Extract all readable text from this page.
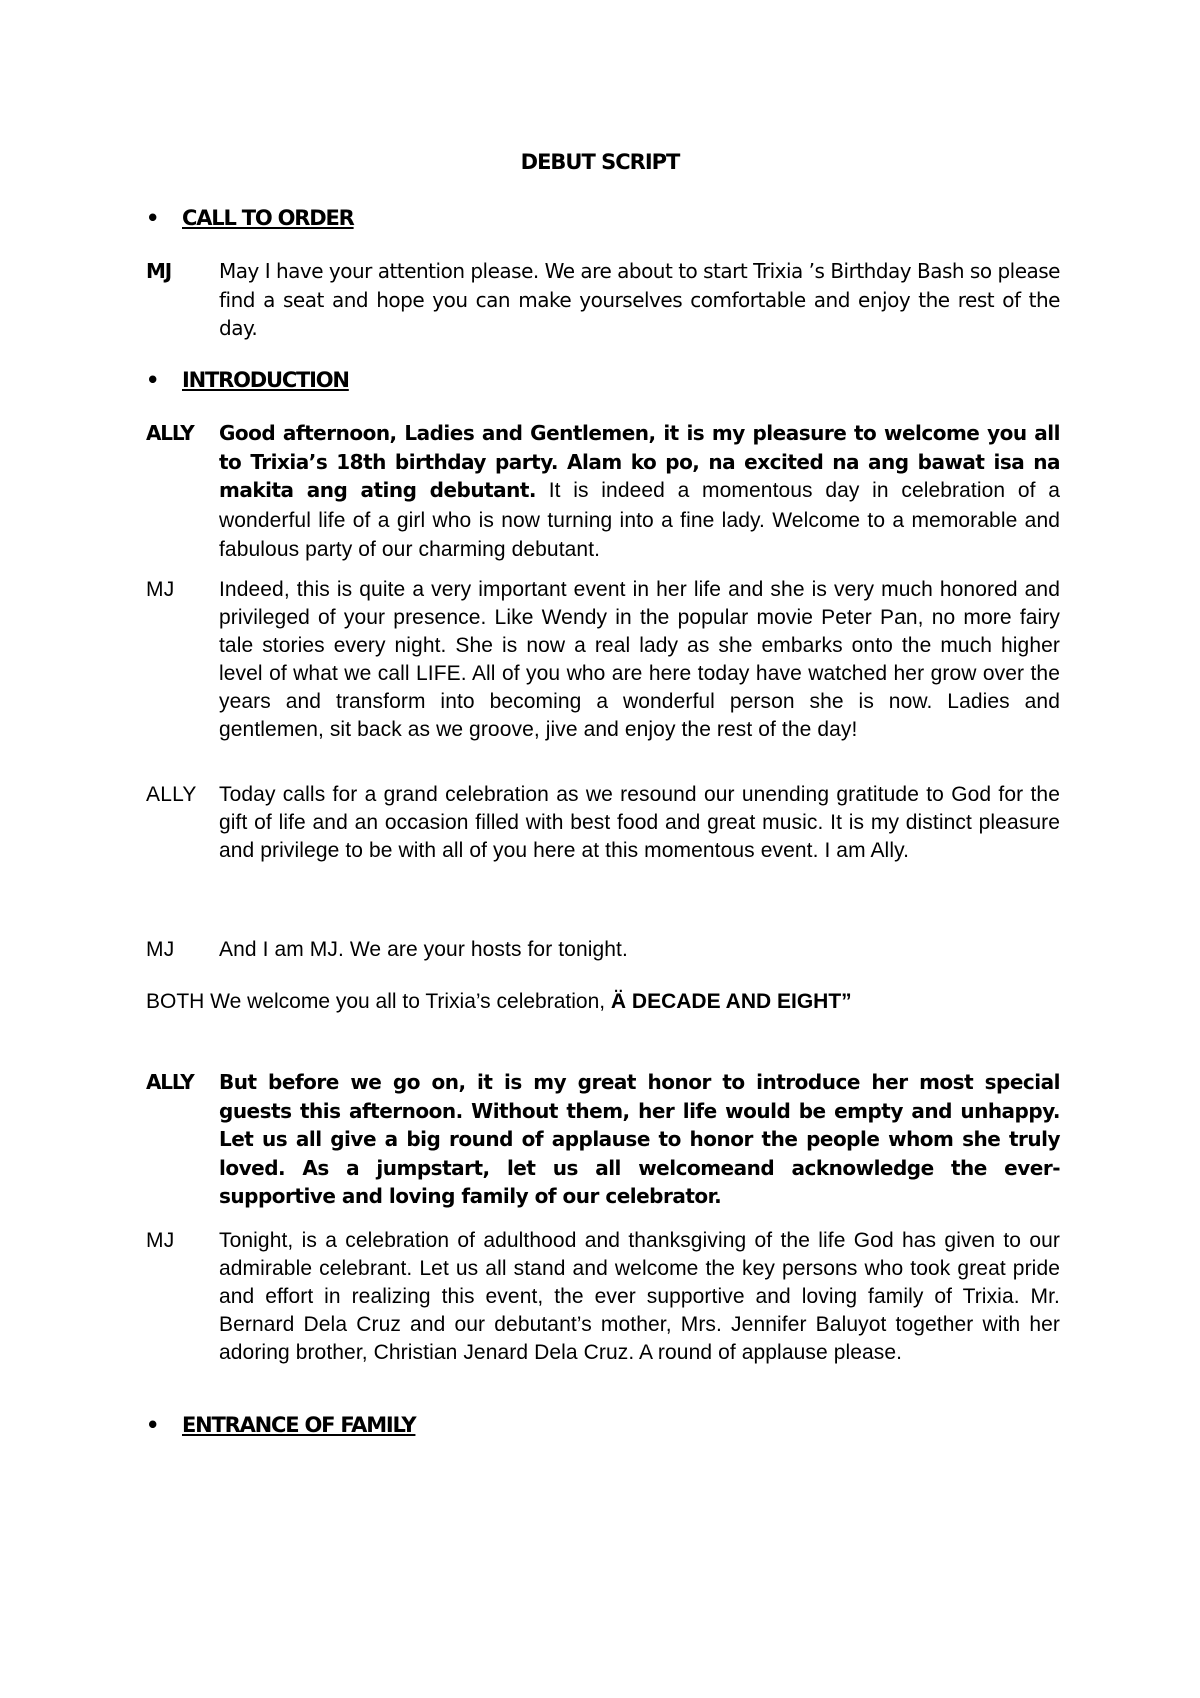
DEBUT SCRIPT
• CALL TO ORDER
MJ	May I have your attention please. We are about to start Trixia ’s Birthday Bash so please find a seat and hope you can make yourselves comfortable and enjoy the rest of the day.
• INTRODUCTION
ALLY	Good afternoon, Ladies and Gentlemen, it is my pleasure to welcome you all to Trixia’s 18th birthday party. Alam ko po, na excited na ang bawat isa na makita ang ating debutant. It is indeed a momentous day in celebration of a wonderful life of a girl who is now turning into a fine lady. Welcome to a memorable and fabulous party of our charming debutant.
MJ	Indeed, this is quite a very important event in her life and she is very much honored and privileged of your presence. Like Wendy in the popular movie Peter Pan, no more fairy tale stories every night. She is now a real lady as she embarks onto the much higher level of what we call LIFE. All of you who are here today have watched her grow over the years and transform into becoming a wonderful person she is now. Ladies and gentlemen, sit back as we groove, jive and enjoy the rest of the day!
ALLY	Today calls for a grand celebration as we resound our unending gratitude to God for the gift of life and an occasion filled with best food and great music. It is my distinct pleasure and privilege to be with all of you here at this momentous event. I am Ally.
MJ	And I am MJ. We are your hosts for tonight.
BOTH We welcome you all to Trixia’s celebration, Ä DECADE AND EIGHT”
ALLY	But before we go on, it is my great honor to introduce her most special guests this afternoon. Without them, her life would be empty and unhappy. Let us all give a big round of applause to honor the people whom she truly loved. As a jumpstart, let us all welcomeand acknowledge the ever-supportive and loving family of our celebrator.
MJ	Tonight, is a celebration of adulthood and thanksgiving of the life God has given to our admirable celebrant. Let us all stand and welcome the key persons who took great pride and effort in realizing this event, the ever supportive and loving family of Trixia. Mr. Bernard Dela Cruz and our debutant’s mother, Mrs. Jennifer Baluyot together with her adoring brother, Christian Jenard Dela Cruz. A round of applause please.
• ENTRANCE OF FAMILY
